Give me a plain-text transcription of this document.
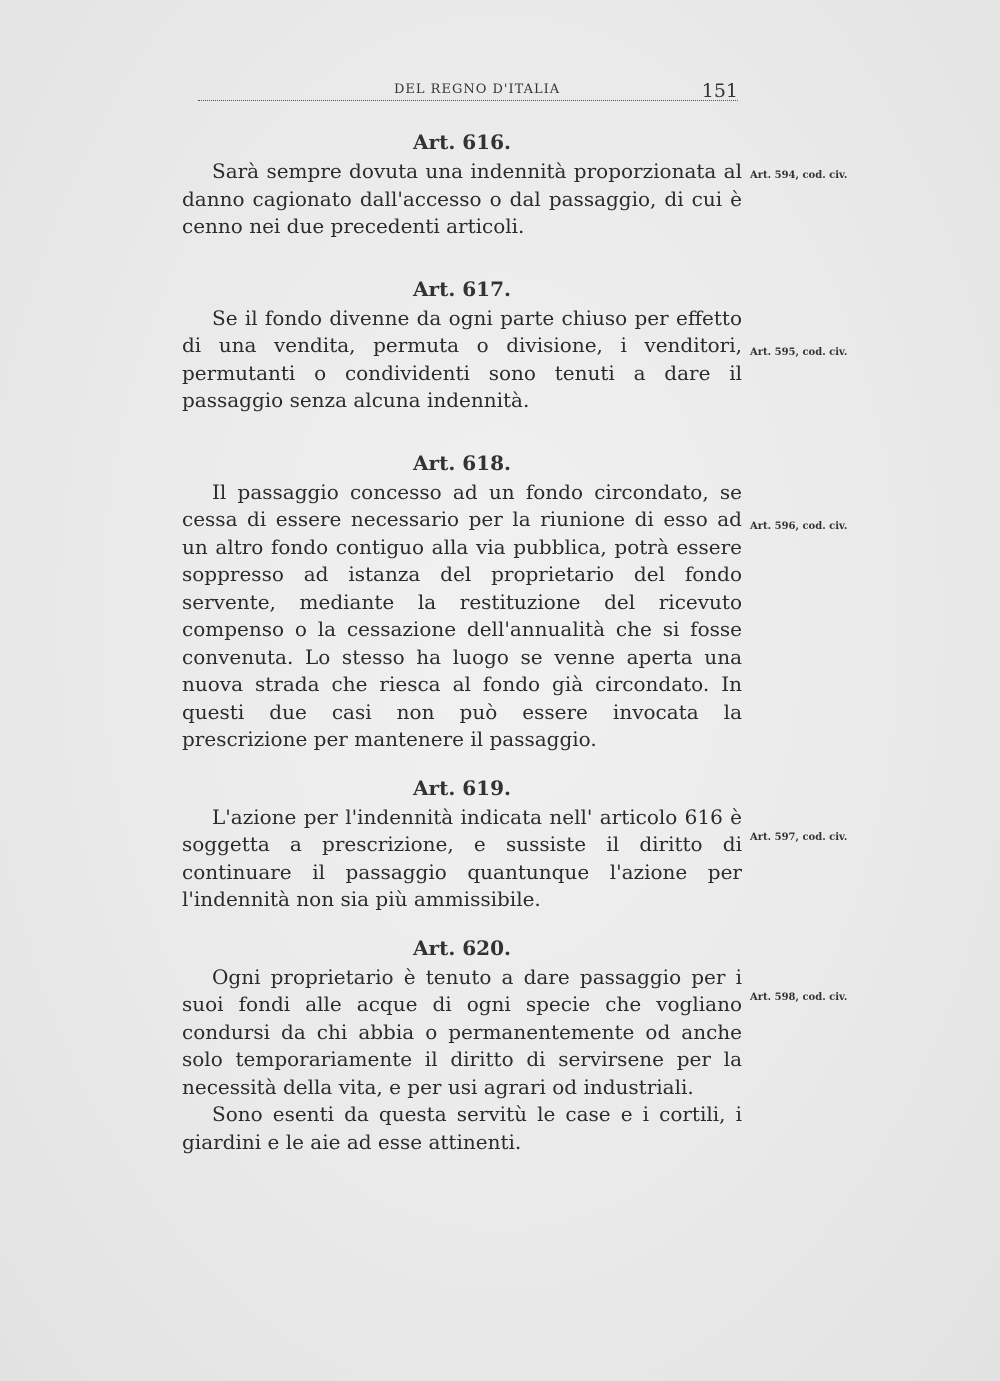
DEL REGNO D'ITALIA	151
Art. 616.

Sarà sempre dovuta una indennità proporzionata al danno cagionato dall'accesso o dal passaggio, di cui è cenno nei due precedenti articoli.

Art. 594, cod. civ.
Art. 617.

Se il fondo divenne da ogni parte chiuso per effetto di una vendita, permuta o divisione, i venditori, permutanti o condividenti sono tenuti a dare il passaggio senza alcuna indennità.

Art. 595, cod. civ.
Art. 618.

Il passaggio concesso ad un fondo circondato, se cessa di essere necessario per la riunione di esso ad un altro fondo contiguo alla via pubblica, potrà essere soppresso ad istanza del proprietario del fondo servente, mediante la restituzione del ricevuto compenso o la cessazione dell'annualità che si fosse convenuta. Lo stesso ha luogo se venne aperta una nuova strada che riesca al fondo già circondato. In questi due casi non può essere invocata la prescrizione per mantenere il passaggio.

Art. 596, cod. civ.
Art. 619.

L'azione per l'indennità indicata nell' articolo 616 è soggetta a prescrizione, e sussiste il diritto di continuare il passaggio quantunque l'azione per l'indennità non sia più ammissibile.

Art. 597, cod. civ.
Art. 620.

Ogni proprietario è tenuto a dare passaggio per i suoi fondi alle acque di ogni specie che vogliano condursi da chi abbia o permanentemente od anche solo temporariamente il diritto di servirsene per la necessità della vita, e per usi agrari od industriali.

Sono esenti da questa servitù le case e i cortili, i giardini e le aie ad esse attinenti.

Art. 598, cod. civ.
